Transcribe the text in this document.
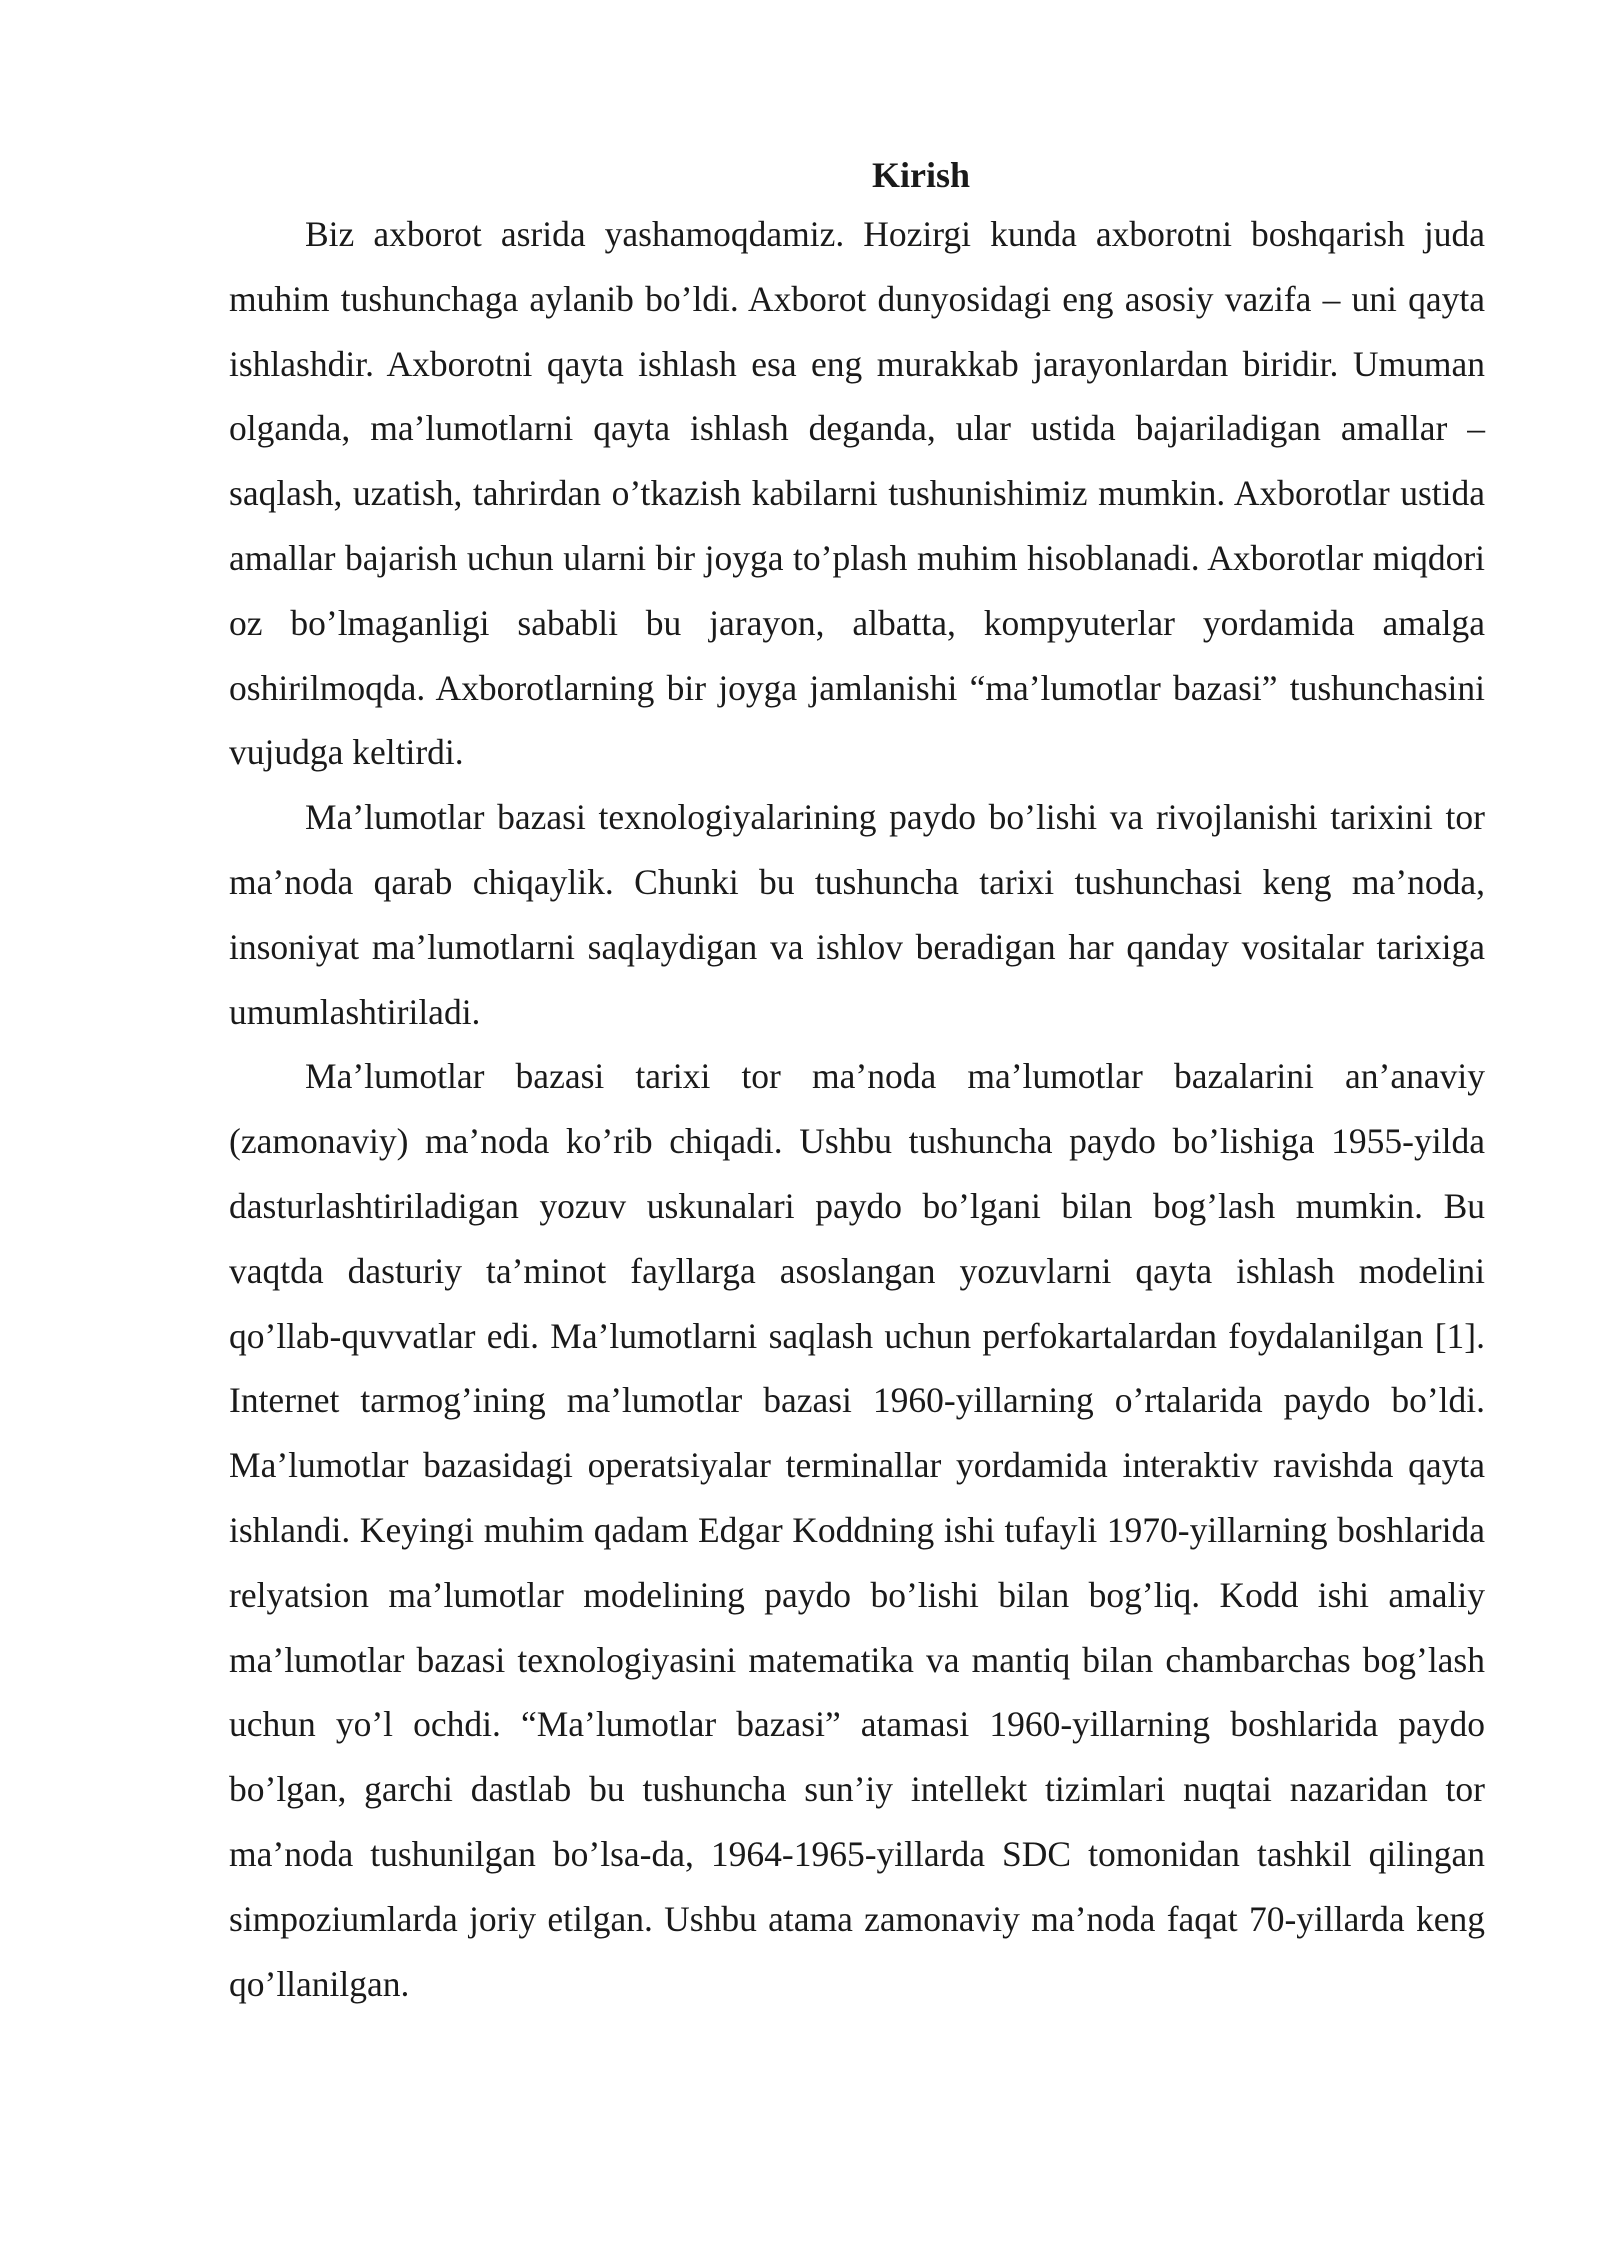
Kirish

Biz axborot asrida yashamoqdamiz. Hozirgi kunda axborotni boshqarish juda muhim tushunchaga aylanib bo’ldi. Axborot dunyosidagi eng asosiy vazifa – uni qayta ishlashdir. Axborotni qayta ishlash esa eng murakkab jarayonlardan biridir. Umuman olganda, ma’lumotlarni qayta ishlash deganda, ular ustida bajariladigan amallar – saqlash, uzatish, tahrirdan o’tkazish kabilarni tushunishimiz mumkin. Axborotlar ustida amallar bajarish uchun ularni bir joyga to’plash muhim hisoblanadi. Axborotlar miqdori oz bo’lmaganligi sababli bu jarayon, albatta, kompyuterlar yordamida amalga oshirilmoqda. Axborotlarning bir joyga jamlanishi “ma’lumotlar bazasi” tushunchasini vujudga keltirdi.

Ma’lumotlar bazasi texnologiyalarining paydo bo’lishi va rivojlanishi tarixini tor ma’noda qarab chiqaylik. Chunki bu tushuncha tarixi tushunchasi keng ma’noda, insoniyat ma’lumotlarni saqlaydigan va ishlov beradigan har qanday vositalar tarixiga umumlashtiriladi.

Ma’lumotlar bazasi tarixi tor ma’noda ma’lumotlar bazalarini an’anaviy (zamonaviy) ma’noda ko’rib chiqadi. Ushbu tushuncha paydo bo’lishiga 1955-yilda dasturlashtiriladigan yozuv uskunalari paydo bo’lgani bilan bog’lash mumkin. Bu vaqtda dasturiy ta’minot fayllarga asoslangan yozuvlarni qayta ishlash modelini qo’llab-quvvatlar edi. Ma’lumotlarni saqlash uchun perfokartalardan foydalanilgan [1]. Internet tarmog’ining ma’lumotlar bazasi 1960-yillarning o’rtalarida paydo bo’ldi. Ma’lumotlar bazasidagi operatsiyalar terminallar yordamida interaktiv ravishda qayta ishlandi. Keyingi muhim qadam Edgar Koddning ishi tufayli 1970-yillarning boshlarida relyatsion ma’lumotlar modelining paydo bo’lishi bilan bog’liq. Kodd ishi amaliy ma’lumotlar bazasi texnologiyasini matematika va mantiq bilan chambarchas bog’lash uchun yo’l ochdi. “Ma’lumotlar bazasi” atamasi 1960-yillarning boshlarida paydo bo’lgan, garchi dastlab bu tushuncha sun’iy intellekt tizimlari nuqtai nazaridan tor ma’noda tushunilgan bo’lsa-da, 1964-1965-yillarda SDC tomonidan tashkil qilingan simpoziumlarda joriy etilgan. Ushbu atama zamonaviy ma’noda faqat 70-yillarda keng qo’llanilgan.
